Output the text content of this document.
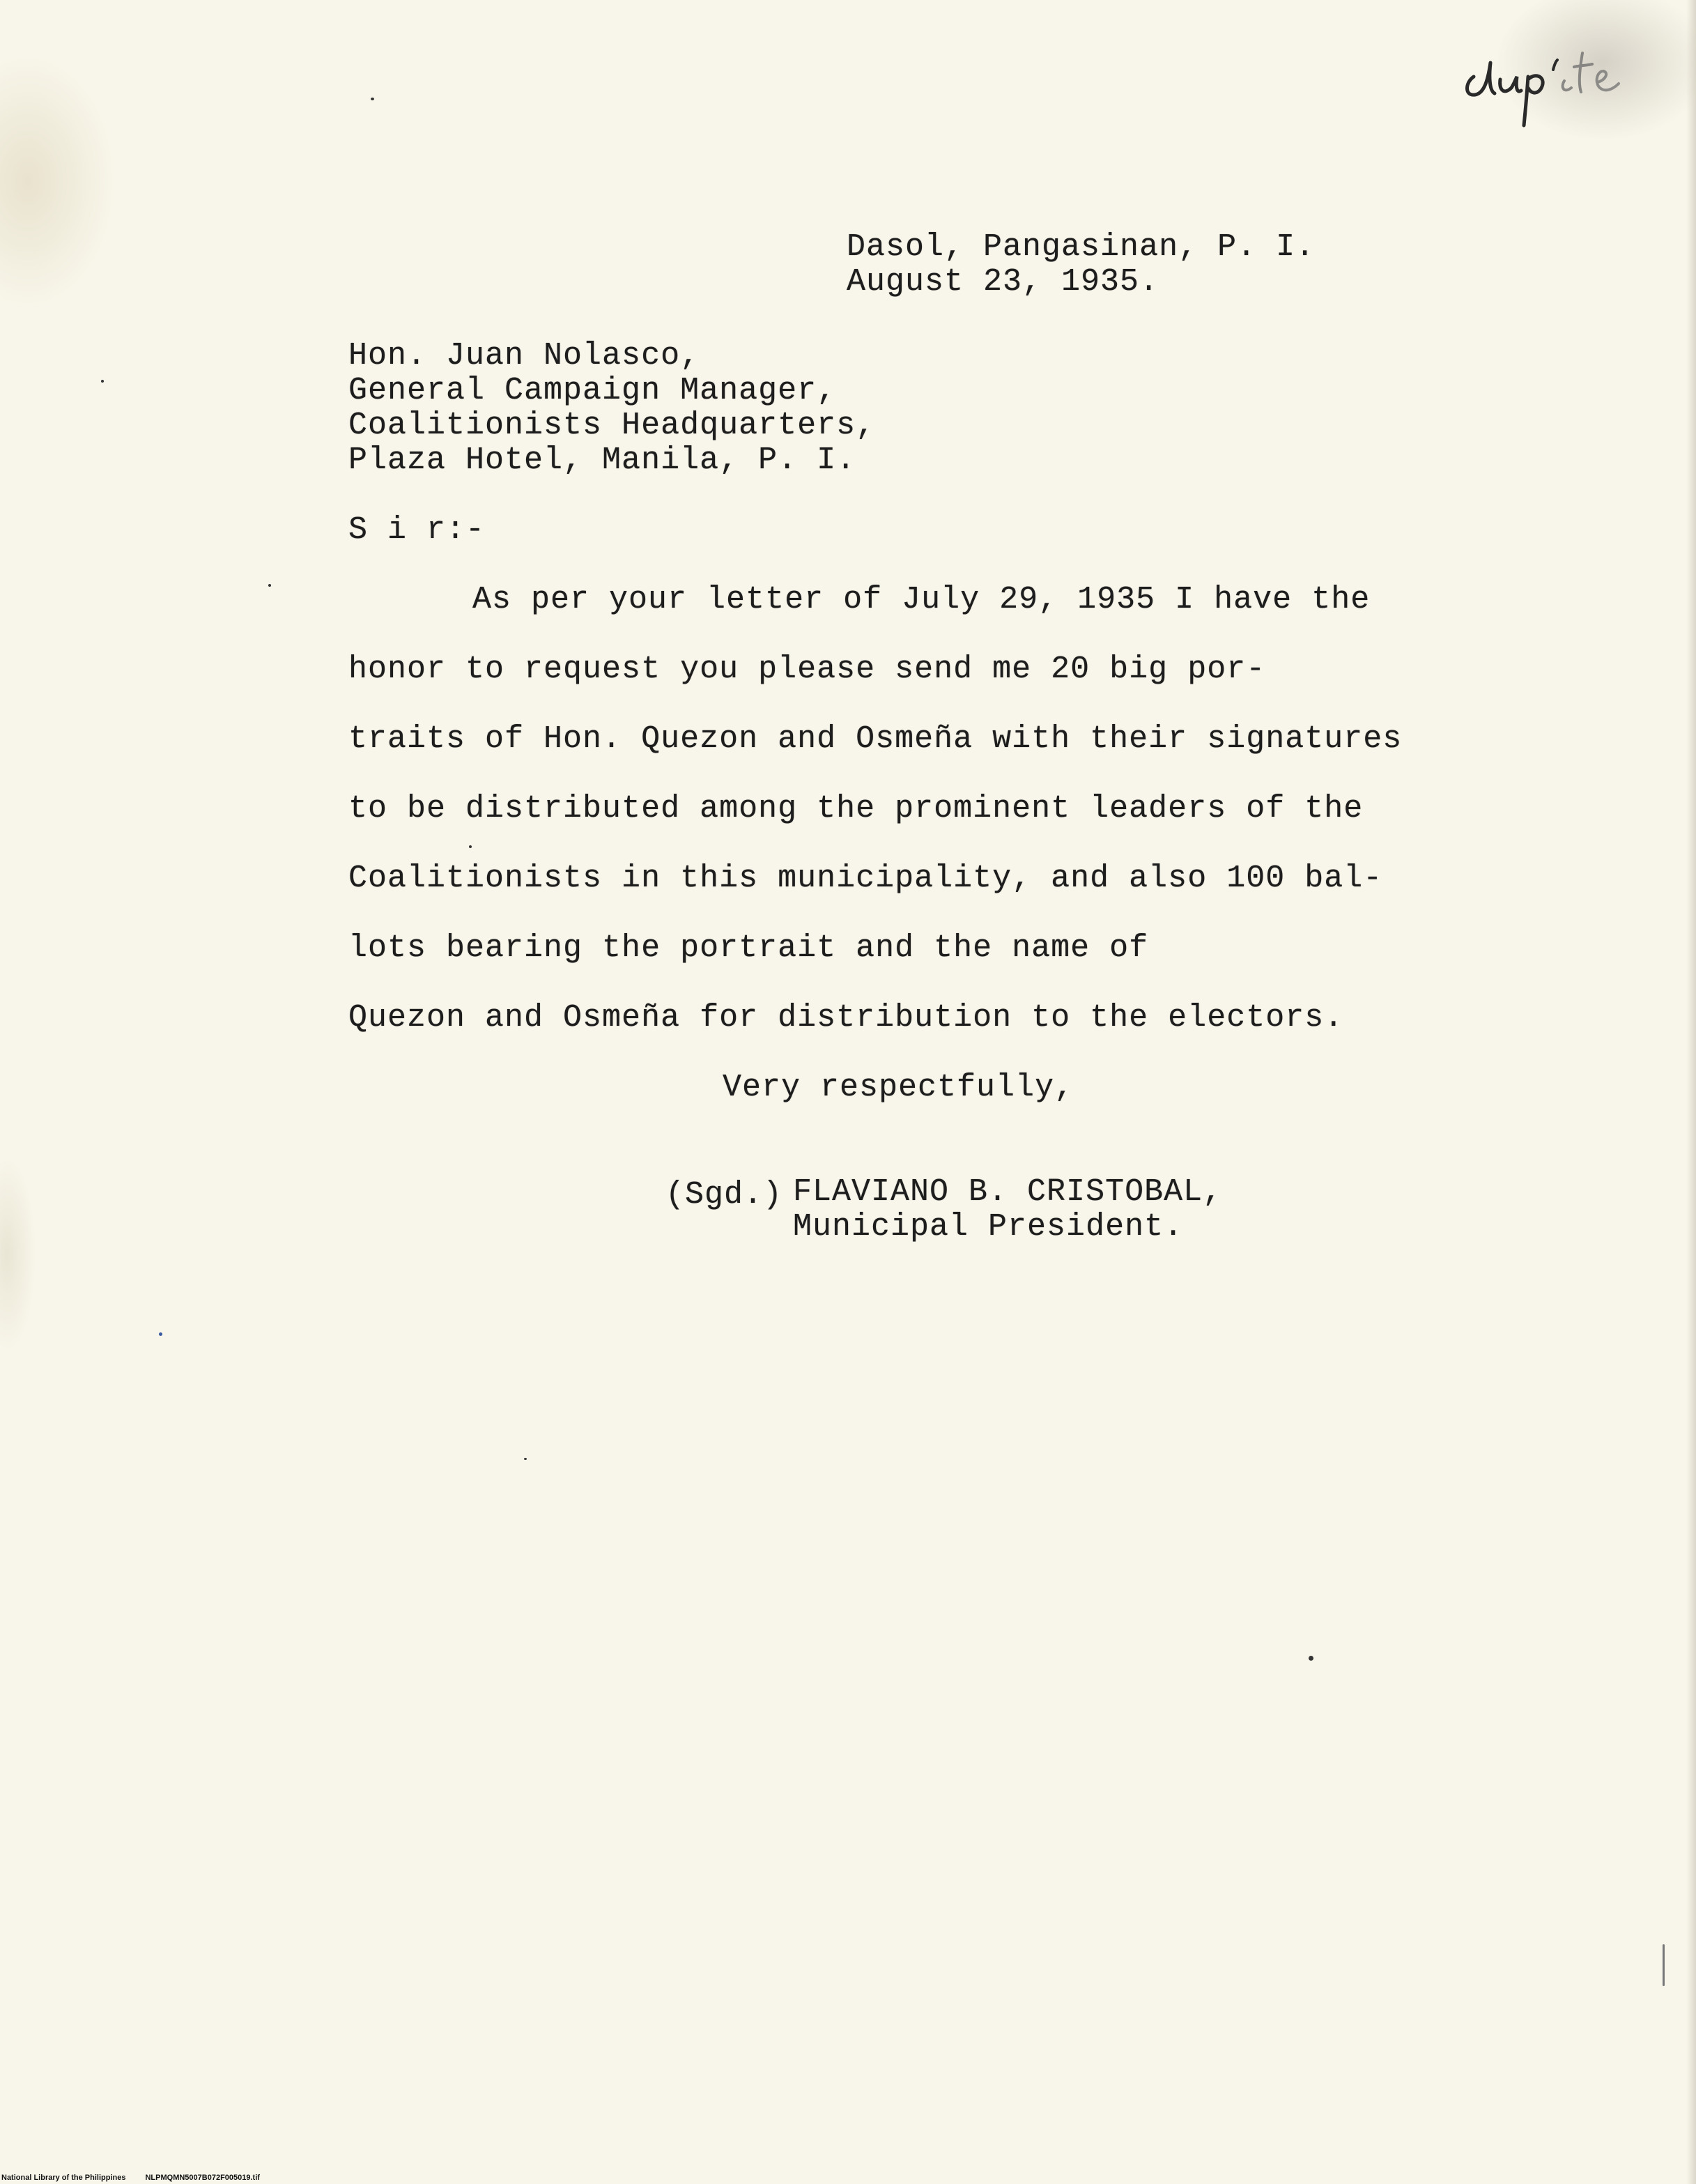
Dasol, Pangasinan, P. I.
August 23, 1935.
Hon. Juan Nolasco,
General Campaign Manager,
Coalitionists Headquarters,
Plaza Hotel, Manila, P. I.
S i r:-
As per your letter of July 29, 1935 I have the
honor to request you please send me 20 big por-
traits of Hon. Quezon and Osmeña with their signatures
to be distributed among the prominent leaders of the
Coalitionists in this municipality, and also 100 bal-
lots bearing the portrait and the name of
Quezon and Osmeña for distribution to the electors.
Very respectfully,
(Sgd.) FLAVIANO B. CRISTOBAL,
Municipal President.
National Library of the Philippines	NLPMQMN5007B072F005019.tif
